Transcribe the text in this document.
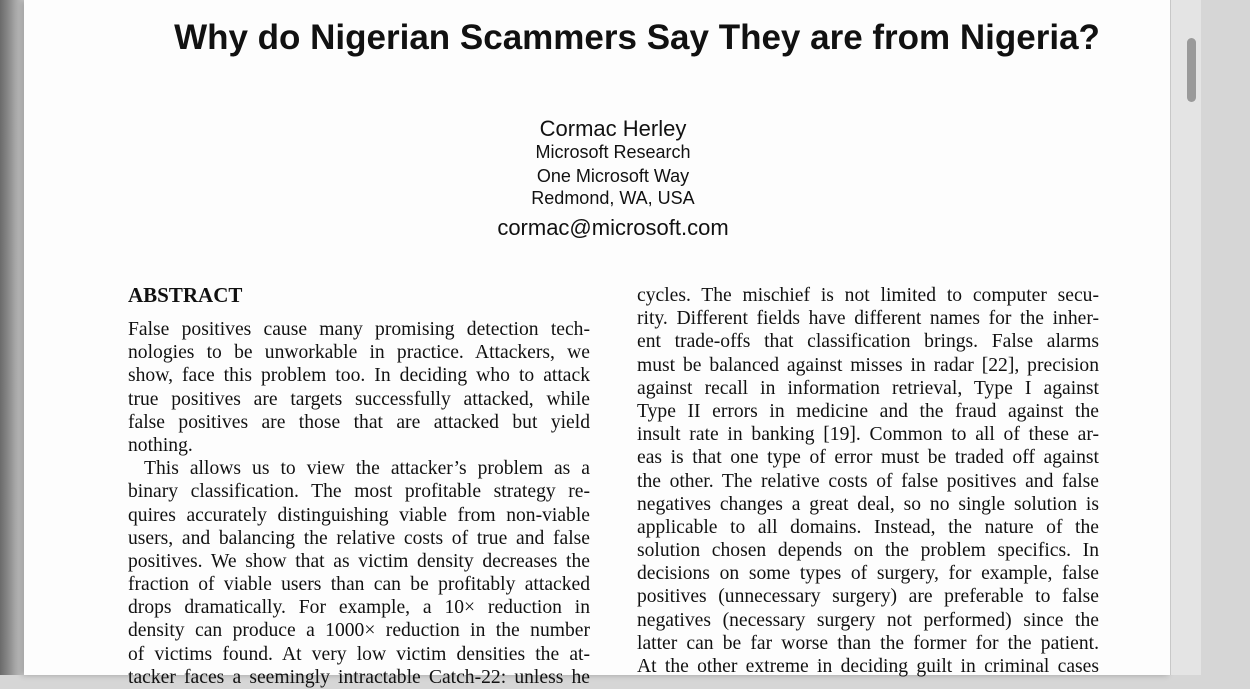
Why do Nigerian Scammers Say They are from Nigeria?
Cormac Herley
Microsoft Research
One Microsoft Way
Redmond, WA, USA
cormac@microsoft.com
ABSTRACT
False positives cause many promising detection tech-
nologies to be unworkable in practice. Attackers, we
show, face this problem too. In deciding who to attack
true positives are targets successfully attacked, while
false positives are those that are attacked but yield
nothing.
This allows us to view the attacker’s problem as a
binary classification. The most profitable strategy re-
quires accurately distinguishing viable from non-viable
users, and balancing the relative costs of true and false
positives. We show that as victim density decreases the
fraction of viable users than can be profitably attacked
drops dramatically. For example, a 10× reduction in
density can produce a 1000× reduction in the number
of victims found. At very low victim densities the at-
tacker faces a seemingly intractable Catch-22: unless he
cycles. The mischief is not limited to computer secu-
rity. Different fields have different names for the inher-
ent trade-offs that classification brings. False alarms
must be balanced against misses in radar [22], precision
against recall in information retrieval, Type I against
Type II errors in medicine and the fraud against the
insult rate in banking [19]. Common to all of these ar-
eas is that one type of error must be traded off against
the other. The relative costs of false positives and false
negatives changes a great deal, so no single solution is
applicable to all domains. Instead, the nature of the
solution chosen depends on the problem specifics. In
decisions on some types of surgery, for example, false
positives (unnecessary surgery) are preferable to false
negatives (necessary surgery not performed) since the
latter can be far worse than the former for the patient.
At the other extreme in deciding guilt in criminal cases
